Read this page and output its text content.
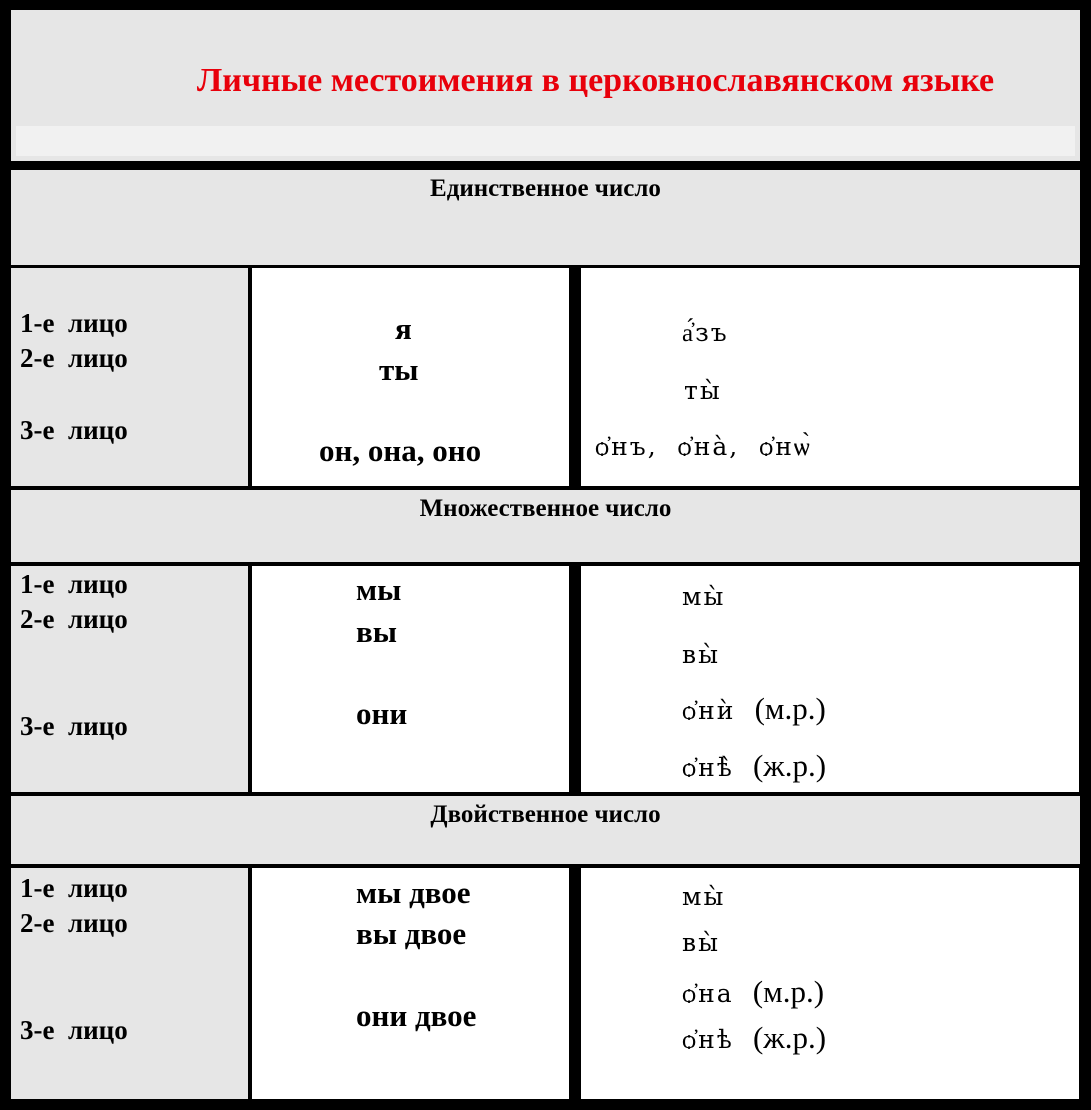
Личные местоимения в церковнославянском языке
Единственное число
1-е  лицо
2-е  лицо
3-е  лицо
я
ты
он, она, оно
а҆́зъ
ты̀
ѻ҆нъ,  ѻ҆на̀,  ѻ҆нѡ̀
Множественное число
1-е  лицо
2-е  лицо
3-е  лицо
мы
вы
они
мы̀
вы̀
ѻ҆нѝ (м.р.)
ѻ҆нѣ̀ (ж.р.)
Двойственное число
1-е  лицо
2-е  лицо
3-е  лицо
мы двое
вы двое
они двое
мы̀
вы̀
ѻ҆на (м.р.)
ѻ҆нѣ (ж.р.)
